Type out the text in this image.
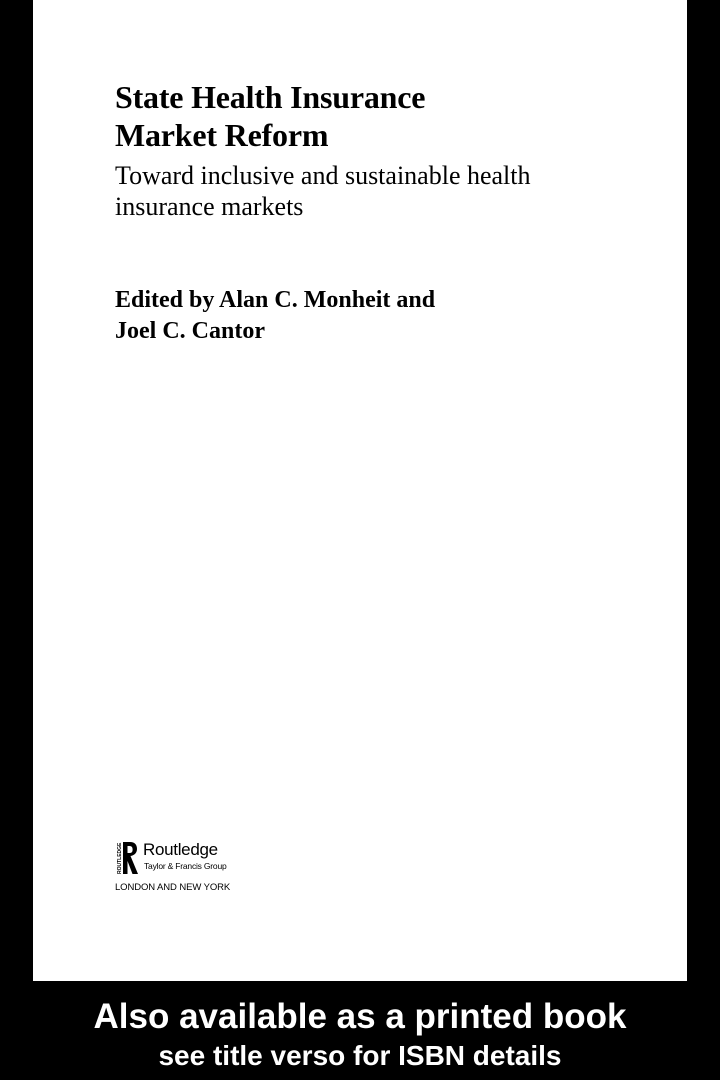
State Health Insurance
Market Reform

Toward inclusive and sustainable health
insurance markets

Edited by Alan C. Monheit and
Joel C. Cantor

ROUTLEDGE Routledge
Taylor & Francis Group
LONDON AND NEW YORK
Also available as a printed book
see title verso for ISBN details
